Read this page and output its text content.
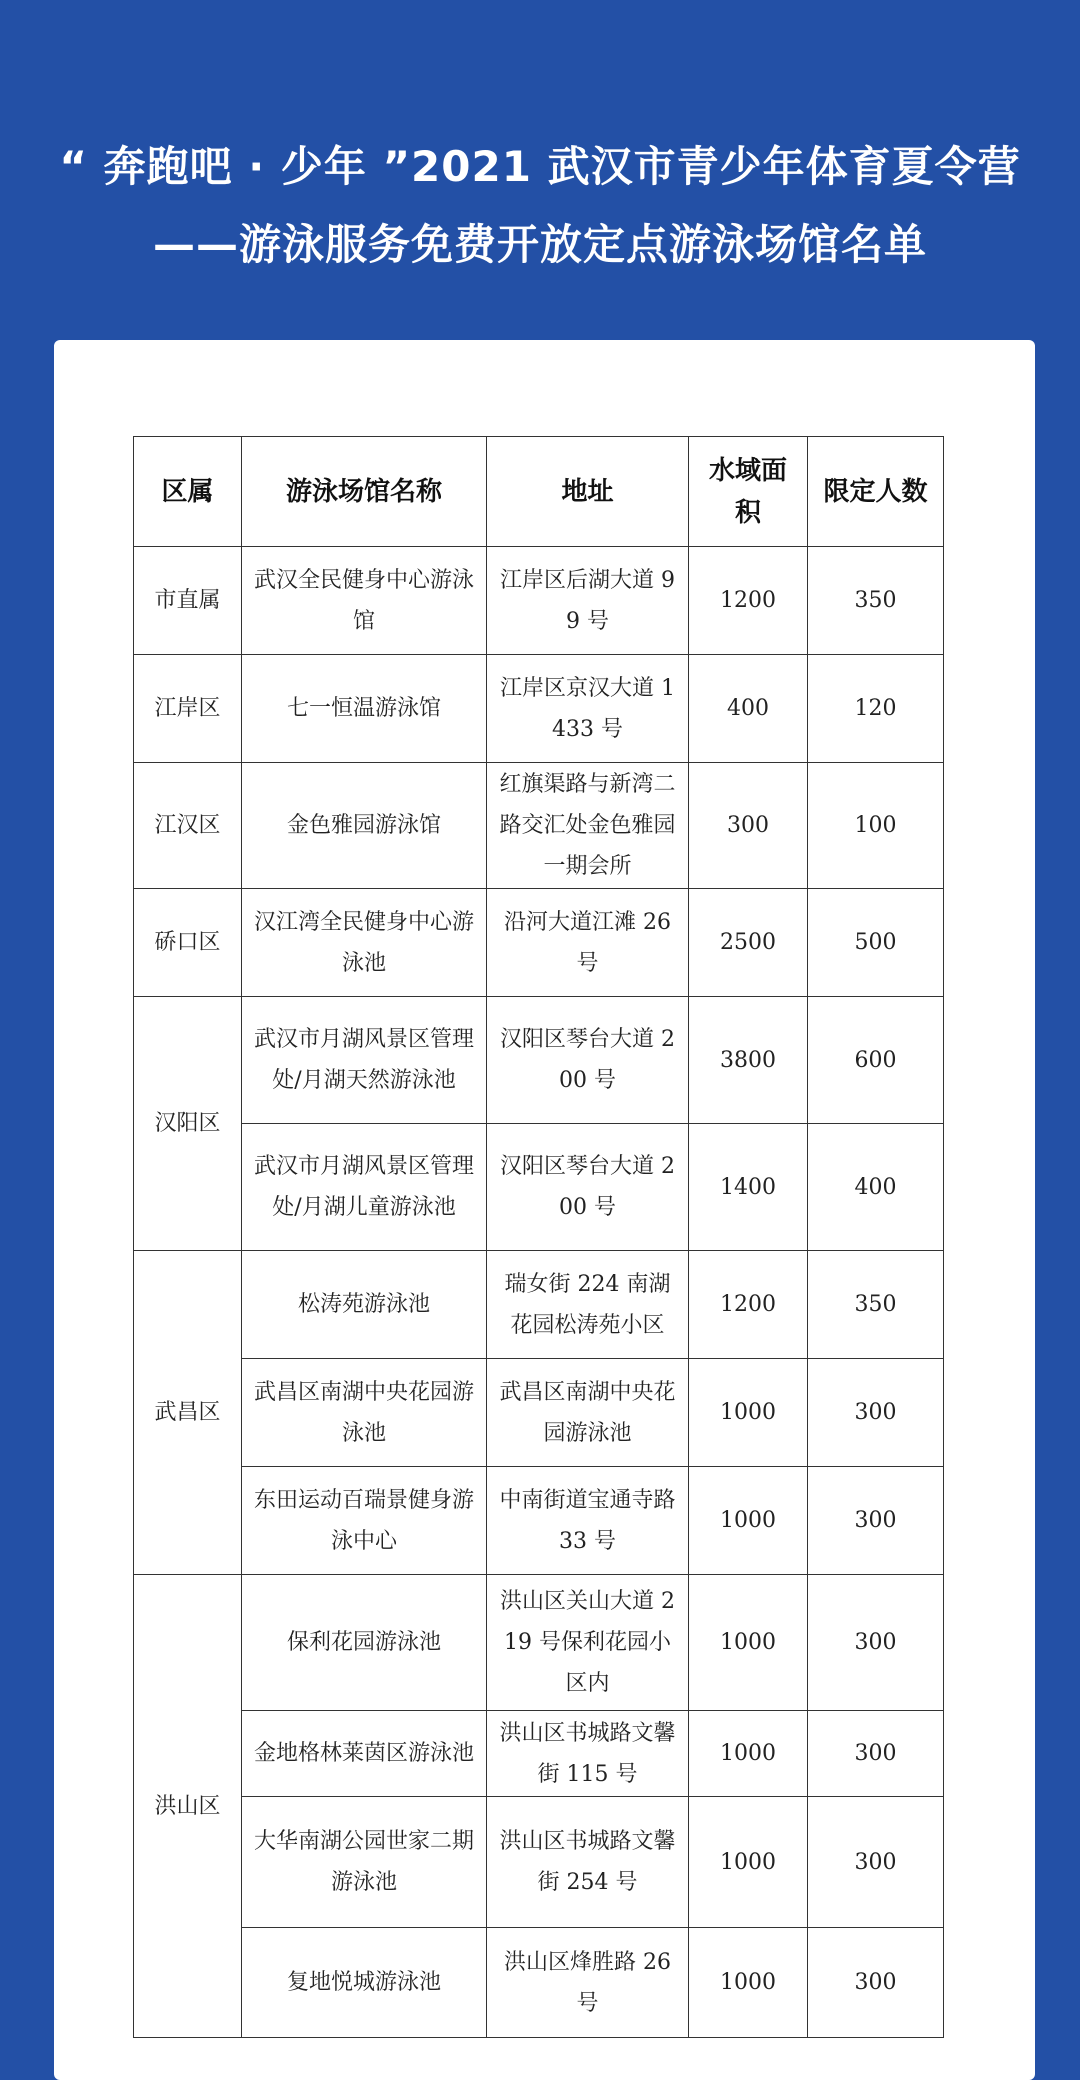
“ 奔跑吧 · 少年 ”2021 武汉市青少年体育夏令营
——游泳服务免费开放定点游泳场馆名单
区属	游泳场馆名称	地址	水域面积	限定人数
市直属	武汉全民健身中心游泳馆	江岸区后湖大道 99 号	1200	350
江岸区	七一恒温游泳馆	江岸区京汉大道 1433 号	400	120
江汉区	金色雅园游泳馆	红旗渠路与新湾二路交汇处金色雅园一期会所	300	100
硚口区	汉江湾全民健身中心游泳池	沿河大道江滩 26 号	2500	500
汉阳区	武汉市月湖风景区管理处/月湖天然游泳池	汉阳区琴台大道 200 号	3800	600
	武汉市月湖风景区管理处/月湖儿童游泳池	汉阳区琴台大道 200 号	1400	400
武昌区	松涛苑游泳池	瑞女街 224 南湖花园松涛苑小区	1200	350
	武昌区南湖中央花园游泳池	武昌区南湖中央花园游泳池	1000	300
	东田运动百瑞景健身游泳中心	中南街道宝通寺路 33 号	1000	300
洪山区	保利花园游泳池	洪山区关山大道 219 号保利花园小区内	1000	300
	金地格林莱茵区游泳池	洪山区书城路文馨街 115 号	1000	300
	大华南湖公园世家二期游泳池	洪山区书城路文馨街 254 号	1000	300
	复地悦城游泳池	洪山区烽胜路 26 号	1000	300
